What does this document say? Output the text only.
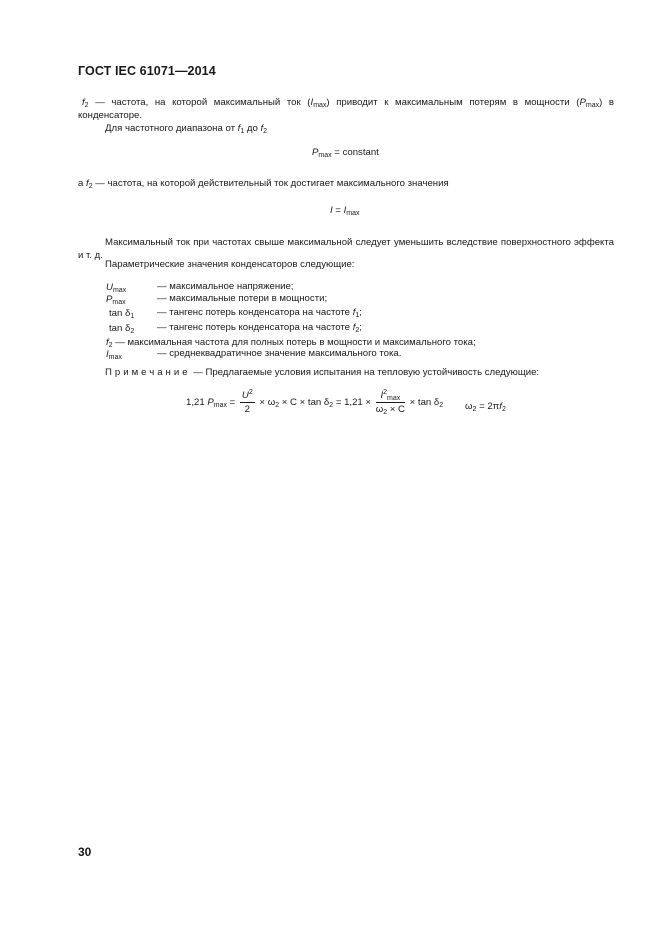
ГОСТ IEC 61071—2014
$f_2$ — частота, на которой максимальный ток $(I_{max})$ приводит к максимальным потерям в мощности $(P_{max})$ в конденсаторе.
Для частотного диапазона от $f_1$ до $f_2$
$P_{max}$ = constant
а $f_2$ — частота, на которой действительный ток достигает максимального значения
$I = I_{max}$
Максимальный ток при частотах свыше максимальной следует уменьшить вследствие поверхностного эффекта и т. д.
Параметрические значения конденсаторов следующие:
$U_{max}$	— максимальное напряжение;
$P_{max}$	— максимальные потери в мощности;
$\tan \delta_1$ — тангенс потерь конденсатора на частоте $f_1$;
$\tan \delta_2$ — тангенс потерь конденсатора на частоте $f_2$;
$f_2$ — максимальная частота для полных потерь в мощности и максимального тока;
$I_{max}$	— среднеквадратичное значение максимального тока.
Примечание — Предлагаемые условия испытания на тепловую устойчивость следующие:
1,21 $P_{max} = \frac{U^2}{2} \times \omega_2 \times C \times \tan \delta_2 = 1,21 \times \frac{I^2_{max}}{\omega_2 \times C} \times \tan \delta_2$ $\omega_2 = 2\pi f_2$
30
